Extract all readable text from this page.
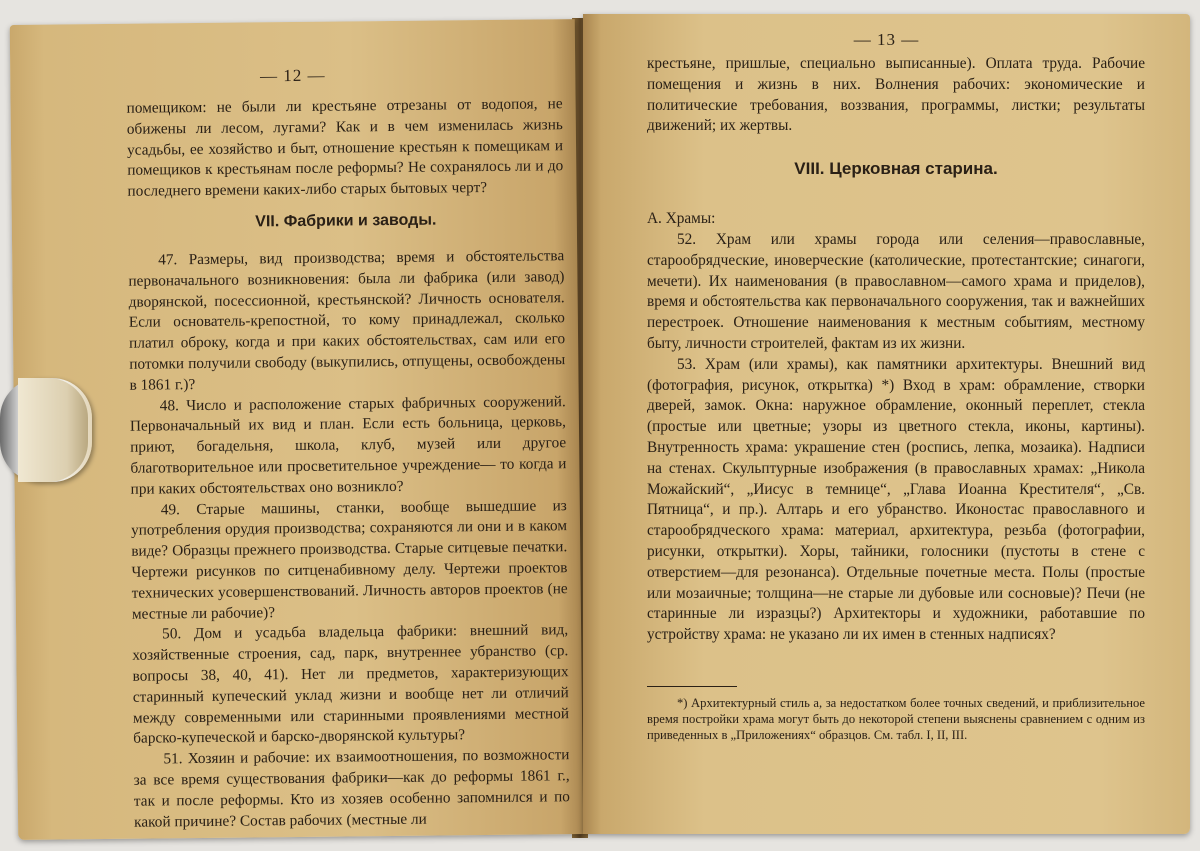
— 12 —

помещиком: не были ли крестьяне отрезаны от водопоя, не обижены ли лесом, лугами? Как и в чем изменилась жизнь усадьбы, ее хозяйство и быт, отношение крестьян к помещикам и помещиков к крестьянам после реформы? Не сохранялось ли и до последнего времени каких-либо старых бытовых черт?

VII. Фабрики и заводы.

47. Размеры, вид производства; время и обстоятельства первоначального возникновения: была ли фабрика (или завод) дворянской, посессионной, крестьянской? Личность основателя. Если основатель-крепостной, то кому принадлежал, сколько платил оброку, когда и при каких обстоятельствах, сам или его потомки получили свободу (выкупились, отпущены, освобождены в 1861 г.)?

48. Число и расположение старых фабричных сооружений. Первоначальный их вид и план. Если есть больница, церковь, приют, богадельня, школа, клуб, музей или другое благотворительное или просветительное учреждение— то когда и при каких обстоятельствах оно возникло?

49. Старые машины, станки, вообще вышедшие из употребления орудия производства; сохраняются ли они и в каком виде? Образцы прежнего производства. Старые ситцевые печатки. Чертежи рисунков по ситценабивному делу. Чертежи проектов технических усовершенствований. Личность авторов проектов (не местные ли рабочие)?

50. Дом и усадьба владельца фабрики: внешний вид, хозяйственные строения, сад, парк, внутреннее убранство (ср. вопросы 38, 40, 41). Нет ли предметов, характеризующих старинный купеческий уклад жизни и вообще нет ли отличий между современными или старинными проявлениями местной барско-купеческой и барско-дворянской культуры?

51. Хозяин и рабочие: их взаимоотношения, по возможности за все время существования фабрики—как до реформы 1861 г., так и после реформы. Кто из хозяев особенно запомнился и по какой причине? Состав рабочих (местные ли

— 13 —

крестьяне, пришлые, специально выписанные). Оплата труда. Рабочие помещения и жизнь в них. Волнения рабочих: экономические и политические требования, воззвания, программы, листки; результаты движений; их жертвы.

VIII. Церковная старина.

А. Храмы:

52. Храм или храмы города или селения—православные, старообрядческие, иноверческие (католические, протестантские; синагоги, мечети). Их наименования (в православном—самого храма и приделов), время и обстоятельства как первоначального сооружения, так и важнейших перестроек. Отношение наименования к местным событиям, местному быту, личности строителей, фактам из их жизни.

53. Храм (или храмы), как памятники архитектуры. Внешний вид (фотография, рисунок, открытка) *) Вход в храм: обрамление, створки дверей, замок. Окна: наружное обрамление, оконный переплет, стекла (простые или цветные; узоры из цветного стекла, иконы, картины). Внутренность храма: украшение стен (роспись, лепка, мозаика). Надписи на стенах. Скульптурные изображения (в православных храмах: „Никола Можайский“, „Иисус в темнице“, „Глава Иоанна Крестителя“, „Св. Пятница“, и пр.). Алтарь и его убранство. Иконостас православного и старообрядческого храма: материал, архитектура, резьба (фотографии, рисунки, открытки). Хоры, тайники, голосники (пустоты в стене с отверстием—для резонанса). Отдельные почетные места. Полы (простые или мозаичные; толщина—не старые ли дубовые или сосновые)? Печи (не старинные ли изразцы?) Архитекторы и художники, работавшие по устройству храма: не указано ли их имен в стенных надписях?

*) Архитектурный стиль а, за недостатком более точных сведений, и приблизительное время постройки храма могут быть до некоторой степени выяснены сравнением с одним из приведенных в „Приложениях“ образцов. См. табл. I, II, III.
